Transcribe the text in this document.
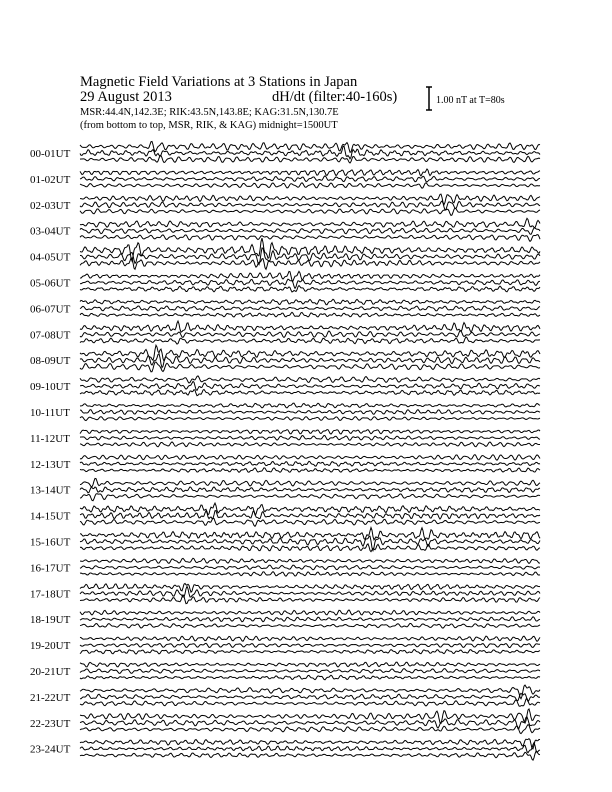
Magnetic Field Variations at 3 Stations in Japan
29 August 2013	dH/dt (filter:40-160s)
MSR:44.4N,142.3E; RIK:43.5N,143.8E; KAG:31.5N,130.7E
(from bottom to top, MSR, RIK, & KAG) midnight=1500UT
1.00 nT at T=80s
00-01UT
01-02UT
02-03UT
03-04UT
04-05UT
05-06UT
06-07UT
07-08UT
08-09UT
09-10UT
10-11UT
11-12UT
12-13UT
13-14UT
14-15UT
15-16UT
16-17UT
17-18UT
18-19UT
19-20UT
20-21UT
21-22UT
22-23UT
23-24UT
